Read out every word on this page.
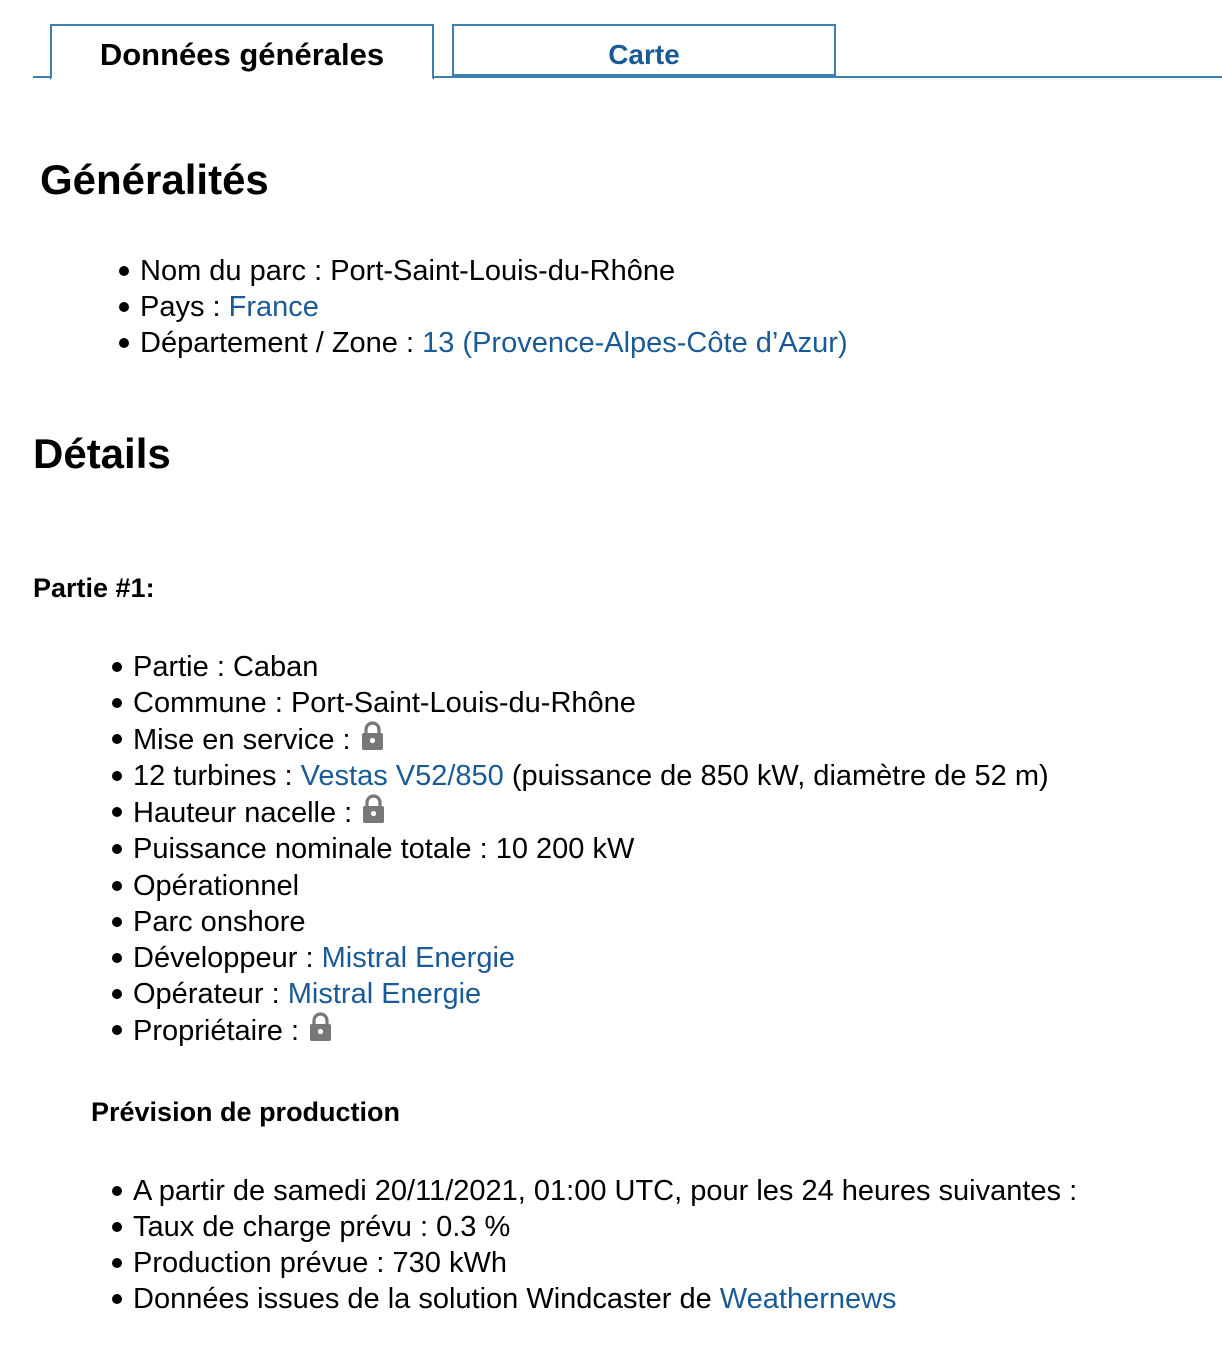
Données générales	Carte
Généralités
Nom du parc : Port-Saint-Louis-du-Rhône
Pays : France
Département / Zone : 13 (Provence-Alpes-Côte d’Azur)
Détails
Partie #1:
Partie : Caban
Commune : Port-Saint-Louis-du-Rhône
Mise en service :
12 turbines : Vestas V52/850 (puissance de 850 kW, diamètre de 52 m)
Hauteur nacelle :
Puissance nominale totale : 10 200 kW
Opérationnel
Parc onshore
Développeur : Mistral Energie
Opérateur : Mistral Energie
Propriétaire :
Prévision de production
A partir de samedi 20/11/2021, 01:00 UTC, pour les 24 heures suivantes :
Taux de charge prévu : 0.3 %
Production prévue : 730 kWh
Données issues de la solution Windcaster de Weathernews
